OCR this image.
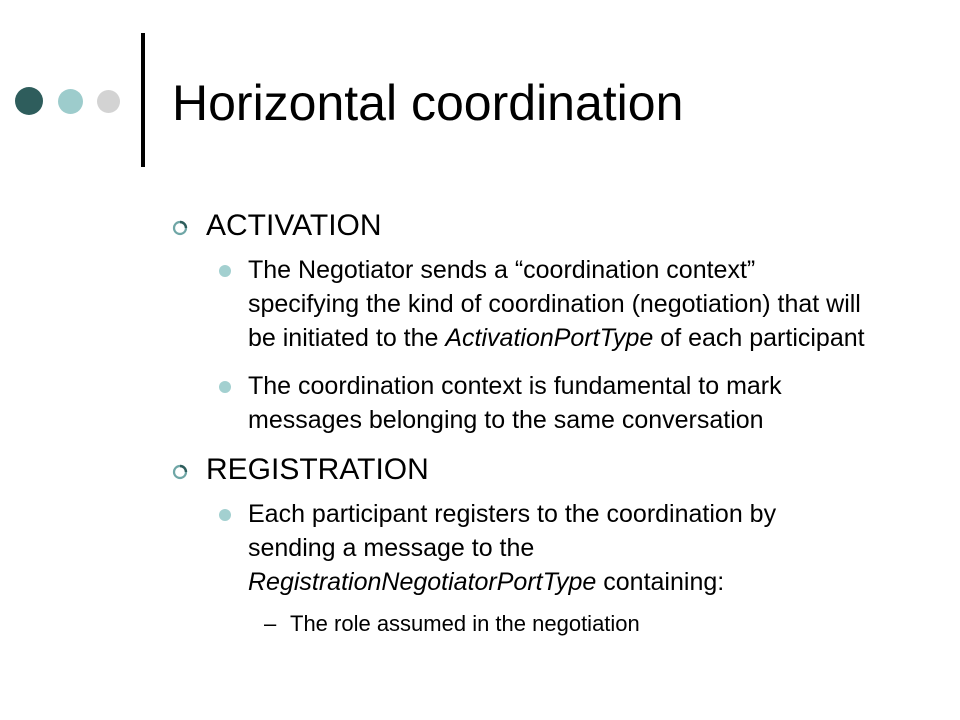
Horizontal coordination
ACTIVATION
The Negotiator sends a “coordination context” specifying the kind of coordination (negotiation) that will be initiated to the ActivationPortType of each participant
The coordination context is fundamental to mark messages belonging to the same conversation
REGISTRATION
Each participant registers to the coordination by sending a message to the RegistrationNegotiatorPortType containing:
– The role assumed in the negotiation
